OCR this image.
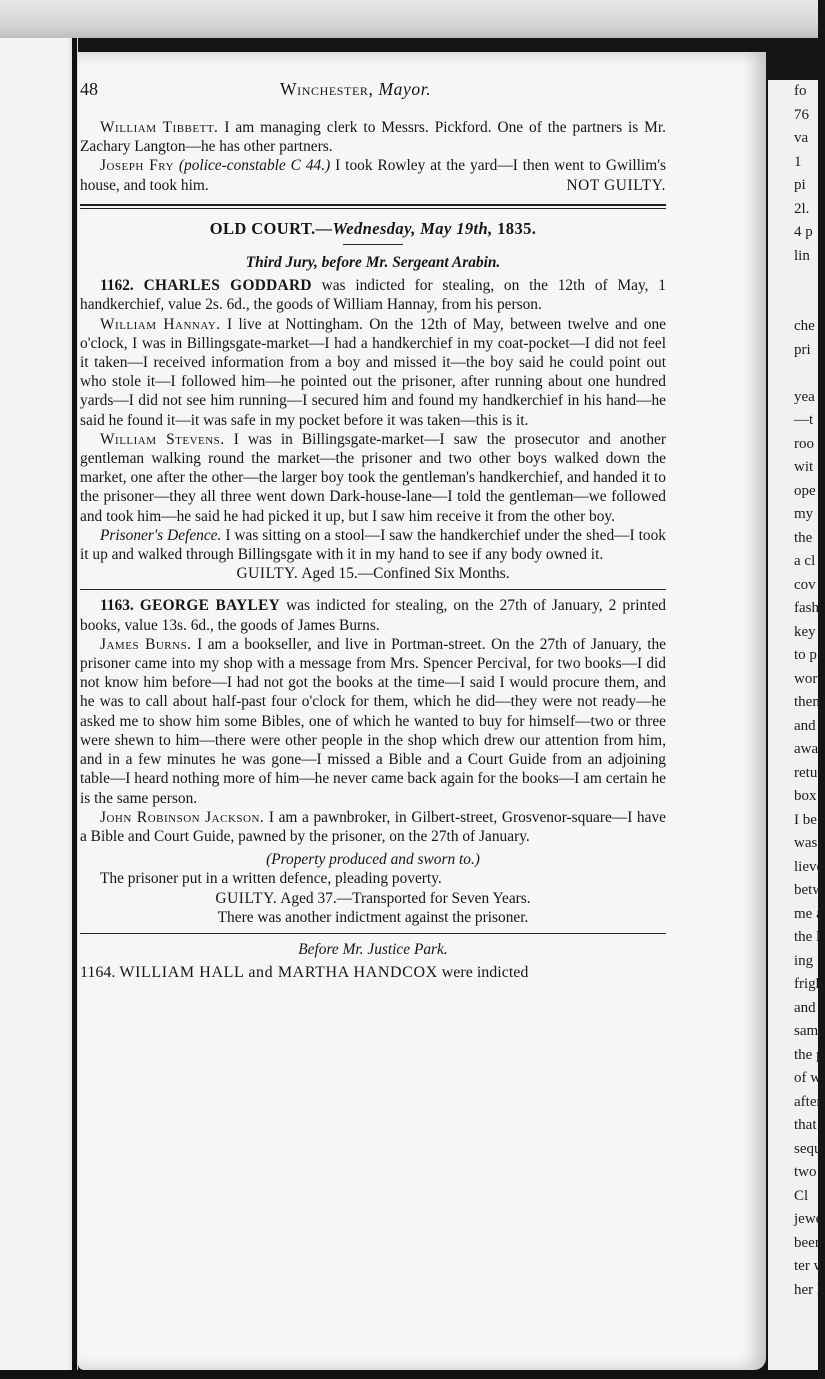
fo
76
va
1
pi
2l.
4 p
lin

che
pri

yea
—t
roo
wit
ope
my
the
a cl
cov
fash
key
to p
wor
then
and
awa
retu
box
I be
was
lieve
betw
me a
the l
ing
frigh
and
same
the p
of w
after
that
sequ
two
Cl
jewe
been
ter w
her h
48	Winchester, Mayor.

William Tibbett. I am managing clerk to Messrs. Pickford. One of the partners is Mr. Zachary Langton—he has other partners.

Joseph Fry (police-constable C 44.) I took Rowley at the yard—I then went to Gwillim's house, and took him.	NOT GUILTY.

OLD COURT.—Wednesday, May 19th, 1835.
Third Jury, before Mr. Sergeant Arabin.

1162. CHARLES GODDARD was indicted for stealing, on the 12th of May, 1 handkerchief, value 2s. 6d., the goods of William Hannay, from his person.

William Hannay. I live at Nottingham. On the 12th of May, between twelve and one o'clock, I was in Billingsgate-market—I had a handkerchief in my coat-pocket—I did not feel it taken—I received information from a boy and missed it—the boy said he could point out who stole it—I followed him—he pointed out the prisoner, after running about one hundred yards—I did not see him running—I secured him and found my handkerchief in his hand—he said he found it—it was safe in my pocket before it was taken—this is it.

William Stevens. I was in Billingsgate-market—I saw the prosecutor and another gentleman walking round the market—the prisoner and two other boys walked down the market, one after the other—the larger boy took the gentleman's handkerchief, and handed it to the prisoner—they all three went down Dark-house-lane—I told the gentleman—we followed and took him—he said he had picked it up, but I saw him receive it from the other boy.

Prisoner's Defence. I was sitting on a stool—I saw the handkerchief under the shed—I took it up and walked through Billingsgate with it in my hand to see if any body owned it.

GUILTY. Aged 15.—Confined Six Months.

1163. GEORGE BAYLEY was indicted for stealing, on the 27th of January, 2 printed books, value 13s. 6d., the goods of James Burns.

James Burns. I am a bookseller, and live in Portman-street. On the 27th of January, the prisoner came into my shop with a message from Mrs. Spencer Percival, for two books—I did not know him before—I had not got the books at the time—I said I would procure them, and he was to call about half-past four o'clock for them, which he did—they were not ready—he asked me to show him some Bibles, one of which he wanted to buy for himself—two or three were shewn to him—there were other people in the shop which drew our attention from him, and in a few minutes he was gone—I missed a Bible and a Court Guide from an adjoining table—I heard nothing more of him—he never came back again for the books—I am certain he is the same person.

John Robinson Jackson. I am a pawnbroker, in Gilbert-street, Grosvenor-square—I have a Bible and Court Guide, pawned by the prisoner, on the 27th of January.

(Property produced and sworn to.)

The prisoner put in a written defence, pleading poverty.

GUILTY. Aged 37.—Transported for Seven Years.

There was another indictment against the prisoner.

Before Mr. Justice Park.

1164. WILLIAM HALL and MARTHA HANDCOX were indicted
